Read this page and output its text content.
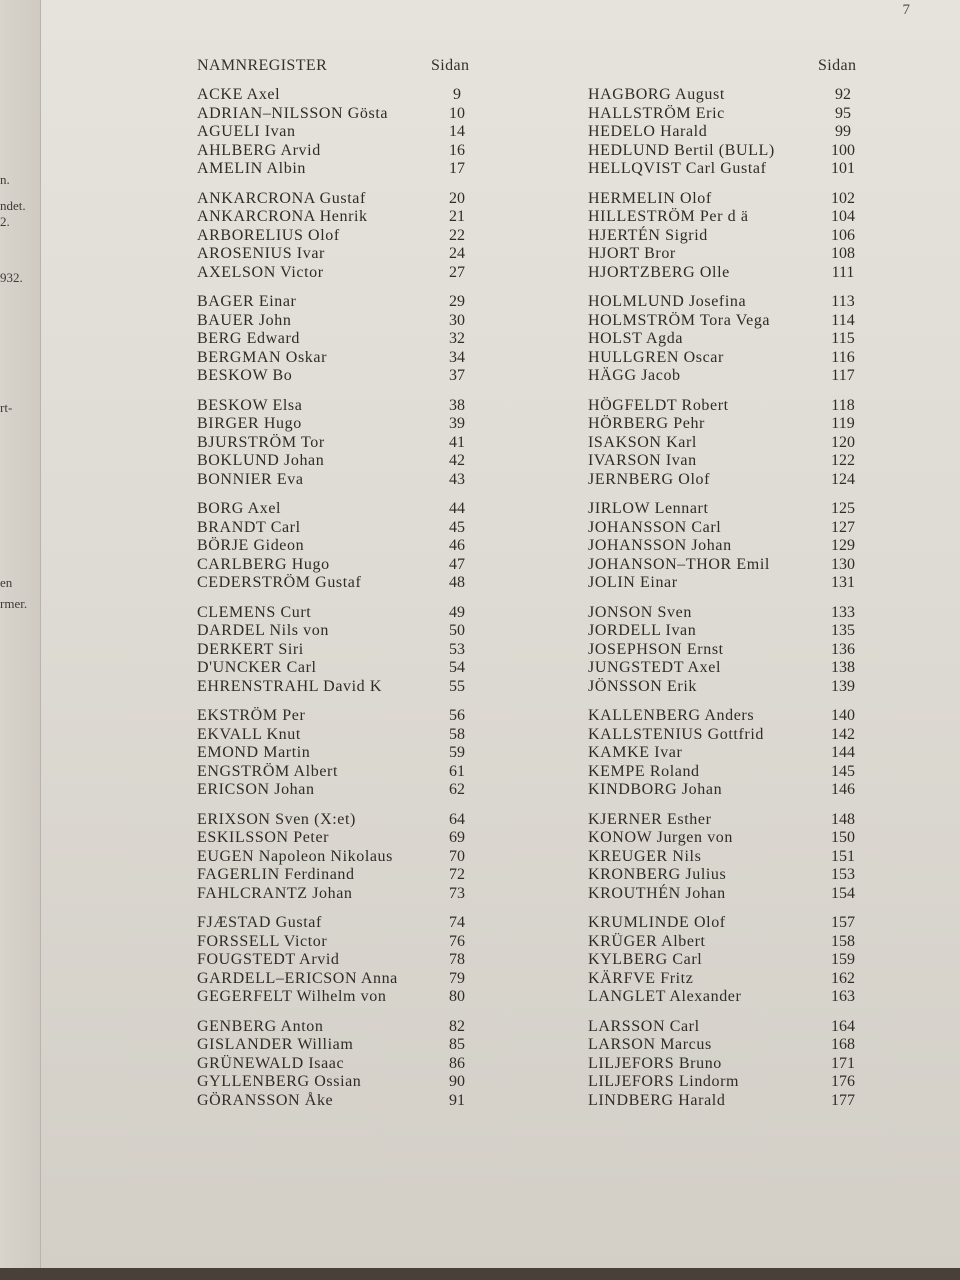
n.
ndet.
2.
932.
rt-
en
rmer.
7
NAMNREGISTER	Sidan	Sidan
ACKE Axel	9
ADRIAN–NILSSON Gösta	10
AGUELI Ivan	14
AHLBERG Arvid	16
AMELIN Albin	17
ANKARCRONA Gustaf	20
ANKARCRONA Henrik	21
ARBORELIUS Olof	22
AROSENIUS Ivar	24
AXELSON Victor	27
BAGER Einar	29
BAUER John	30
BERG Edward	32
BERGMAN Oskar	34
BESKOW Bo	37
BESKOW Elsa	38
BIRGER Hugo	39
BJURSTRÖM Tor	41
BOKLUND Johan	42
BONNIER Eva	43
BORG Axel	44
BRANDT Carl	45
BÖRJE Gideon	46
CARLBERG Hugo	47
CEDERSTRÖM Gustaf	48
CLEMENS Curt	49
DARDEL Nils von	50
DERKERT Siri	53
D'UNCKER Carl	54
EHRENSTRAHL David K	55
EKSTRÖM Per	56
EKVALL Knut	58
EMOND Martin	59
ENGSTRÖM Albert	61
ERICSON Johan	62
ERIXSON Sven (X:et)	64
ESKILSSON Peter	69
EUGEN Napoleon Nikolaus	70
FAGERLIN Ferdinand	72
FAHLCRANTZ Johan	73
FJÆSTAD Gustaf	74
FORSSELL Victor	76
FOUGSTEDT Arvid	78
GARDELL–ERICSON Anna	79
GEGERFELT Wilhelm von	80
GENBERG Anton	82
GISLANDER William	85
GRÜNEWALD Isaac	86
GYLLENBERG Ossian	90
GÖRANSSON Åke	91
HAGBORG August	92
HALLSTRÖM Eric	95
HEDELO Harald	99
HEDLUND Bertil (BULL)	100
HELLQVIST Carl Gustaf	101
HERMELIN Olof	102
HILLESTRÖM Per d ä	104
HJERTÉN Sigrid	106
HJORT Bror	108
HJORTZBERG Olle	111
HOLMLUND Josefina	113
HOLMSTRÖM Tora Vega	114
HOLST Agda	115
HULLGREN Oscar	116
HÄGG Jacob	117
HÖGFELDT Robert	118
HÖRBERG Pehr	119
ISAKSON Karl	120
IVARSON Ivan	122
JERNBERG Olof	124
JIRLOW Lennart	125
JOHANSSON Carl	127
JOHANSSON Johan	129
JOHANSON–THOR Emil	130
JOLIN Einar	131
JONSON Sven	133
JORDELL Ivan	135
JOSEPHSON Ernst	136
JUNGSTEDT Axel	138
JÖNSSON Erik	139
KALLENBERG Anders	140
KALLSTENIUS Gottfrid	142
KAMKE Ivar	144
KEMPE Roland	145
KINDBORG Johan	146
KJERNER Esther	148
KONOW Jurgen von	150
KREUGER Nils	151
KRONBERG Julius	153
KROUTHÉN Johan	154
KRUMLINDE Olof	157
KRÜGER Albert	158
KYLBERG Carl	159
KÄRFVE Fritz	162
LANGLET Alexander	163
LARSSON Carl	164
LARSON Marcus	168
LILJEFORS Bruno	171
LILJEFORS Lindorm	176
LINDBERG Harald	177
